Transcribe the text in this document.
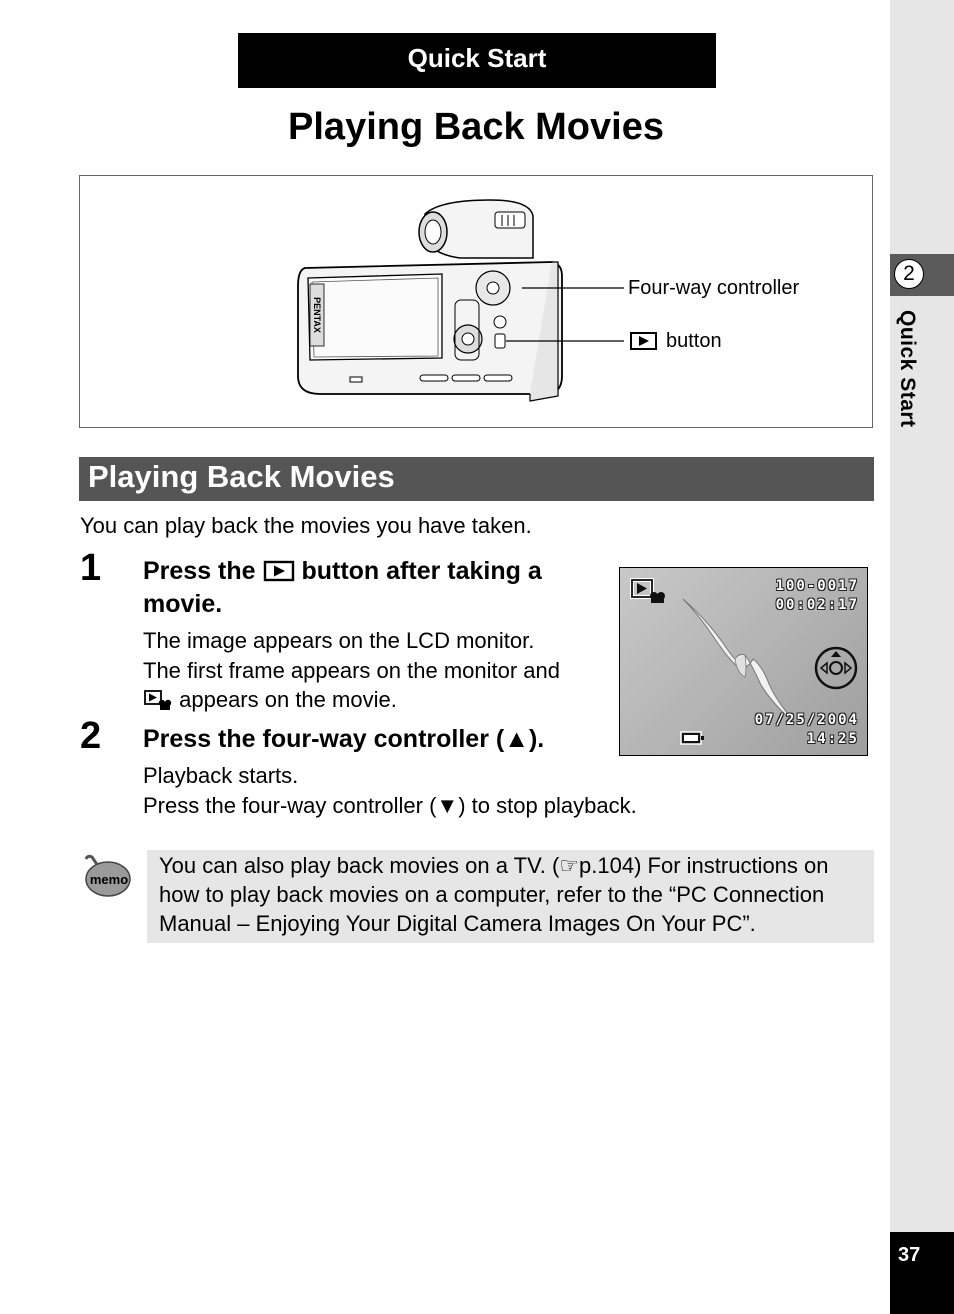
2
Quick Start
37
Quick Start
Playing Back Movies
PENTAX
Four-way controller
button
Playing Back Movies
You can play back the movies you have taken.
1 Press the button after taking a
movie.
The image appears on the LCD monitor.
The first frame appears on the monitor and
appears on the movie.
2 Press the four-way controller (▲).
Playback starts.
Press the four-way controller (▼) to stop playback.
100-0017
00:02:17
07/25/2004
14:25
memo
You can also play back movies on a TV. (☞p.104) For instructions on
how to play back movies on a computer, refer to the “PC Connection
Manual – Enjoying Your Digital Camera Images On Your PC”.
